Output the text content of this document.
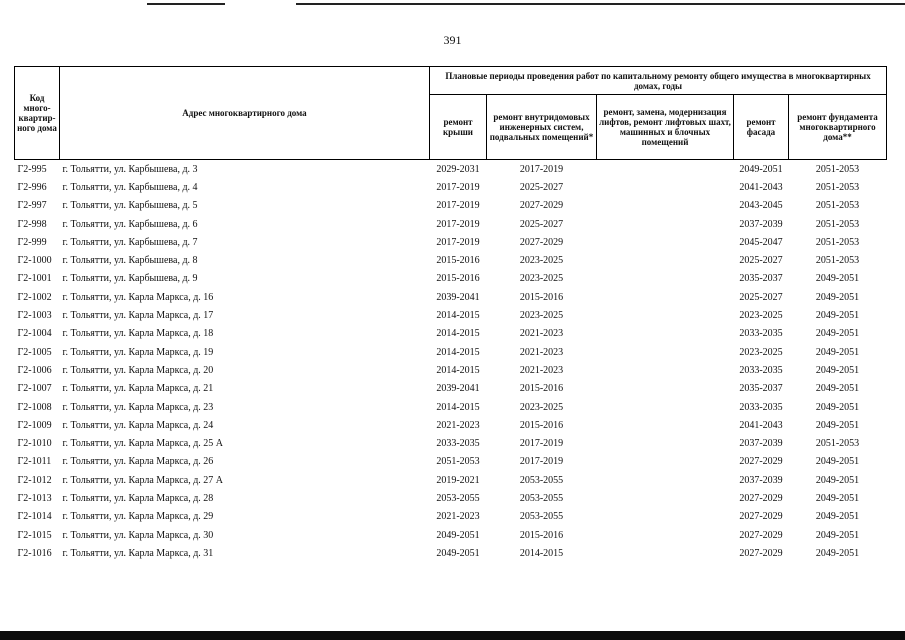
391
Код много-квартир-ного дома	Адрес многоквартирного дома	Плановые периоды проведения работ по капитальному ремонту общего имущества в многоквартирных домах, годы				
		ремонт крыши	ремонт внутридомовых инженерных систем, подвальных помещений*	ремонт, замена, модернизация лифтов, ремонт лифтовых шахт, машинных и блочных помещений	ремонт фасада	ремонт фундамента многоквартирного дома**
Г2-995	г. Тольятти, ул. Карбышева, д. 3	2029-2031	2017-2019		2049-2051	2051-2053
Г2-996	г. Тольятти, ул. Карбышева, д. 4	2017-2019	2025-2027		2041-2043	2051-2053
Г2-997	г. Тольятти, ул. Карбышева, д. 5	2017-2019	2027-2029		2043-2045	2051-2053
Г2-998	г. Тольятти, ул. Карбышева, д. 6	2017-2019	2025-2027		2037-2039	2051-2053
Г2-999	г. Тольятти, ул. Карбышева, д. 7	2017-2019	2027-2029		2045-2047	2051-2053
Г2-1000	г. Тольятти, ул. Карбышева, д. 8	2015-2016	2023-2025		2025-2027	2051-2053
Г2-1001	г. Тольятти, ул. Карбышева, д. 9	2015-2016	2023-2025		2035-2037	2049-2051
Г2-1002	г. Тольятти, ул. Карла Маркса, д. 16	2039-2041	2015-2016		2025-2027	2049-2051
Г2-1003	г. Тольятти, ул. Карла Маркса, д. 17	2014-2015	2023-2025		2023-2025	2049-2051
Г2-1004	г. Тольятти, ул. Карла Маркса, д. 18	2014-2015	2021-2023		2033-2035	2049-2051
Г2-1005	г. Тольятти, ул. Карла Маркса, д. 19	2014-2015	2021-2023		2023-2025	2049-2051
Г2-1006	г. Тольятти, ул. Карла Маркса, д. 20	2014-2015	2021-2023		2033-2035	2049-2051
Г2-1007	г. Тольятти, ул. Карла Маркса, д. 21	2039-2041	2015-2016		2035-2037	2049-2051
Г2-1008	г. Тольятти, ул. Карла Маркса, д. 23	2014-2015	2023-2025		2033-2035	2049-2051
Г2-1009	г. Тольятти, ул. Карла Маркса, д. 24	2021-2023	2015-2016		2041-2043	2049-2051
Г2-1010	г. Тольятти, ул. Карла Маркса, д. 25 А	2033-2035	2017-2019		2037-2039	2051-2053
Г2-1011	г. Тольятти, ул. Карла Маркса, д. 26	2051-2053	2017-2019		2027-2029	2049-2051
Г2-1012	г. Тольятти, ул. Карла Маркса, д. 27 А	2019-2021	2053-2055		2037-2039	2049-2051
Г2-1013	г. Тольятти, ул. Карла Маркса, д. 28	2053-2055	2053-2055		2027-2029	2049-2051
Г2-1014	г. Тольятти, ул. Карла Маркса, д. 29	2021-2023	2053-2055		2027-2029	2049-2051
Г2-1015	г. Тольятти, ул. Карла Маркса, д. 30	2049-2051	2015-2016		2027-2029	2049-2051
Г2-1016	г. Тольятти, ул. Карла Маркса, д. 31	2049-2051	2014-2015		2027-2029	2049-2051
